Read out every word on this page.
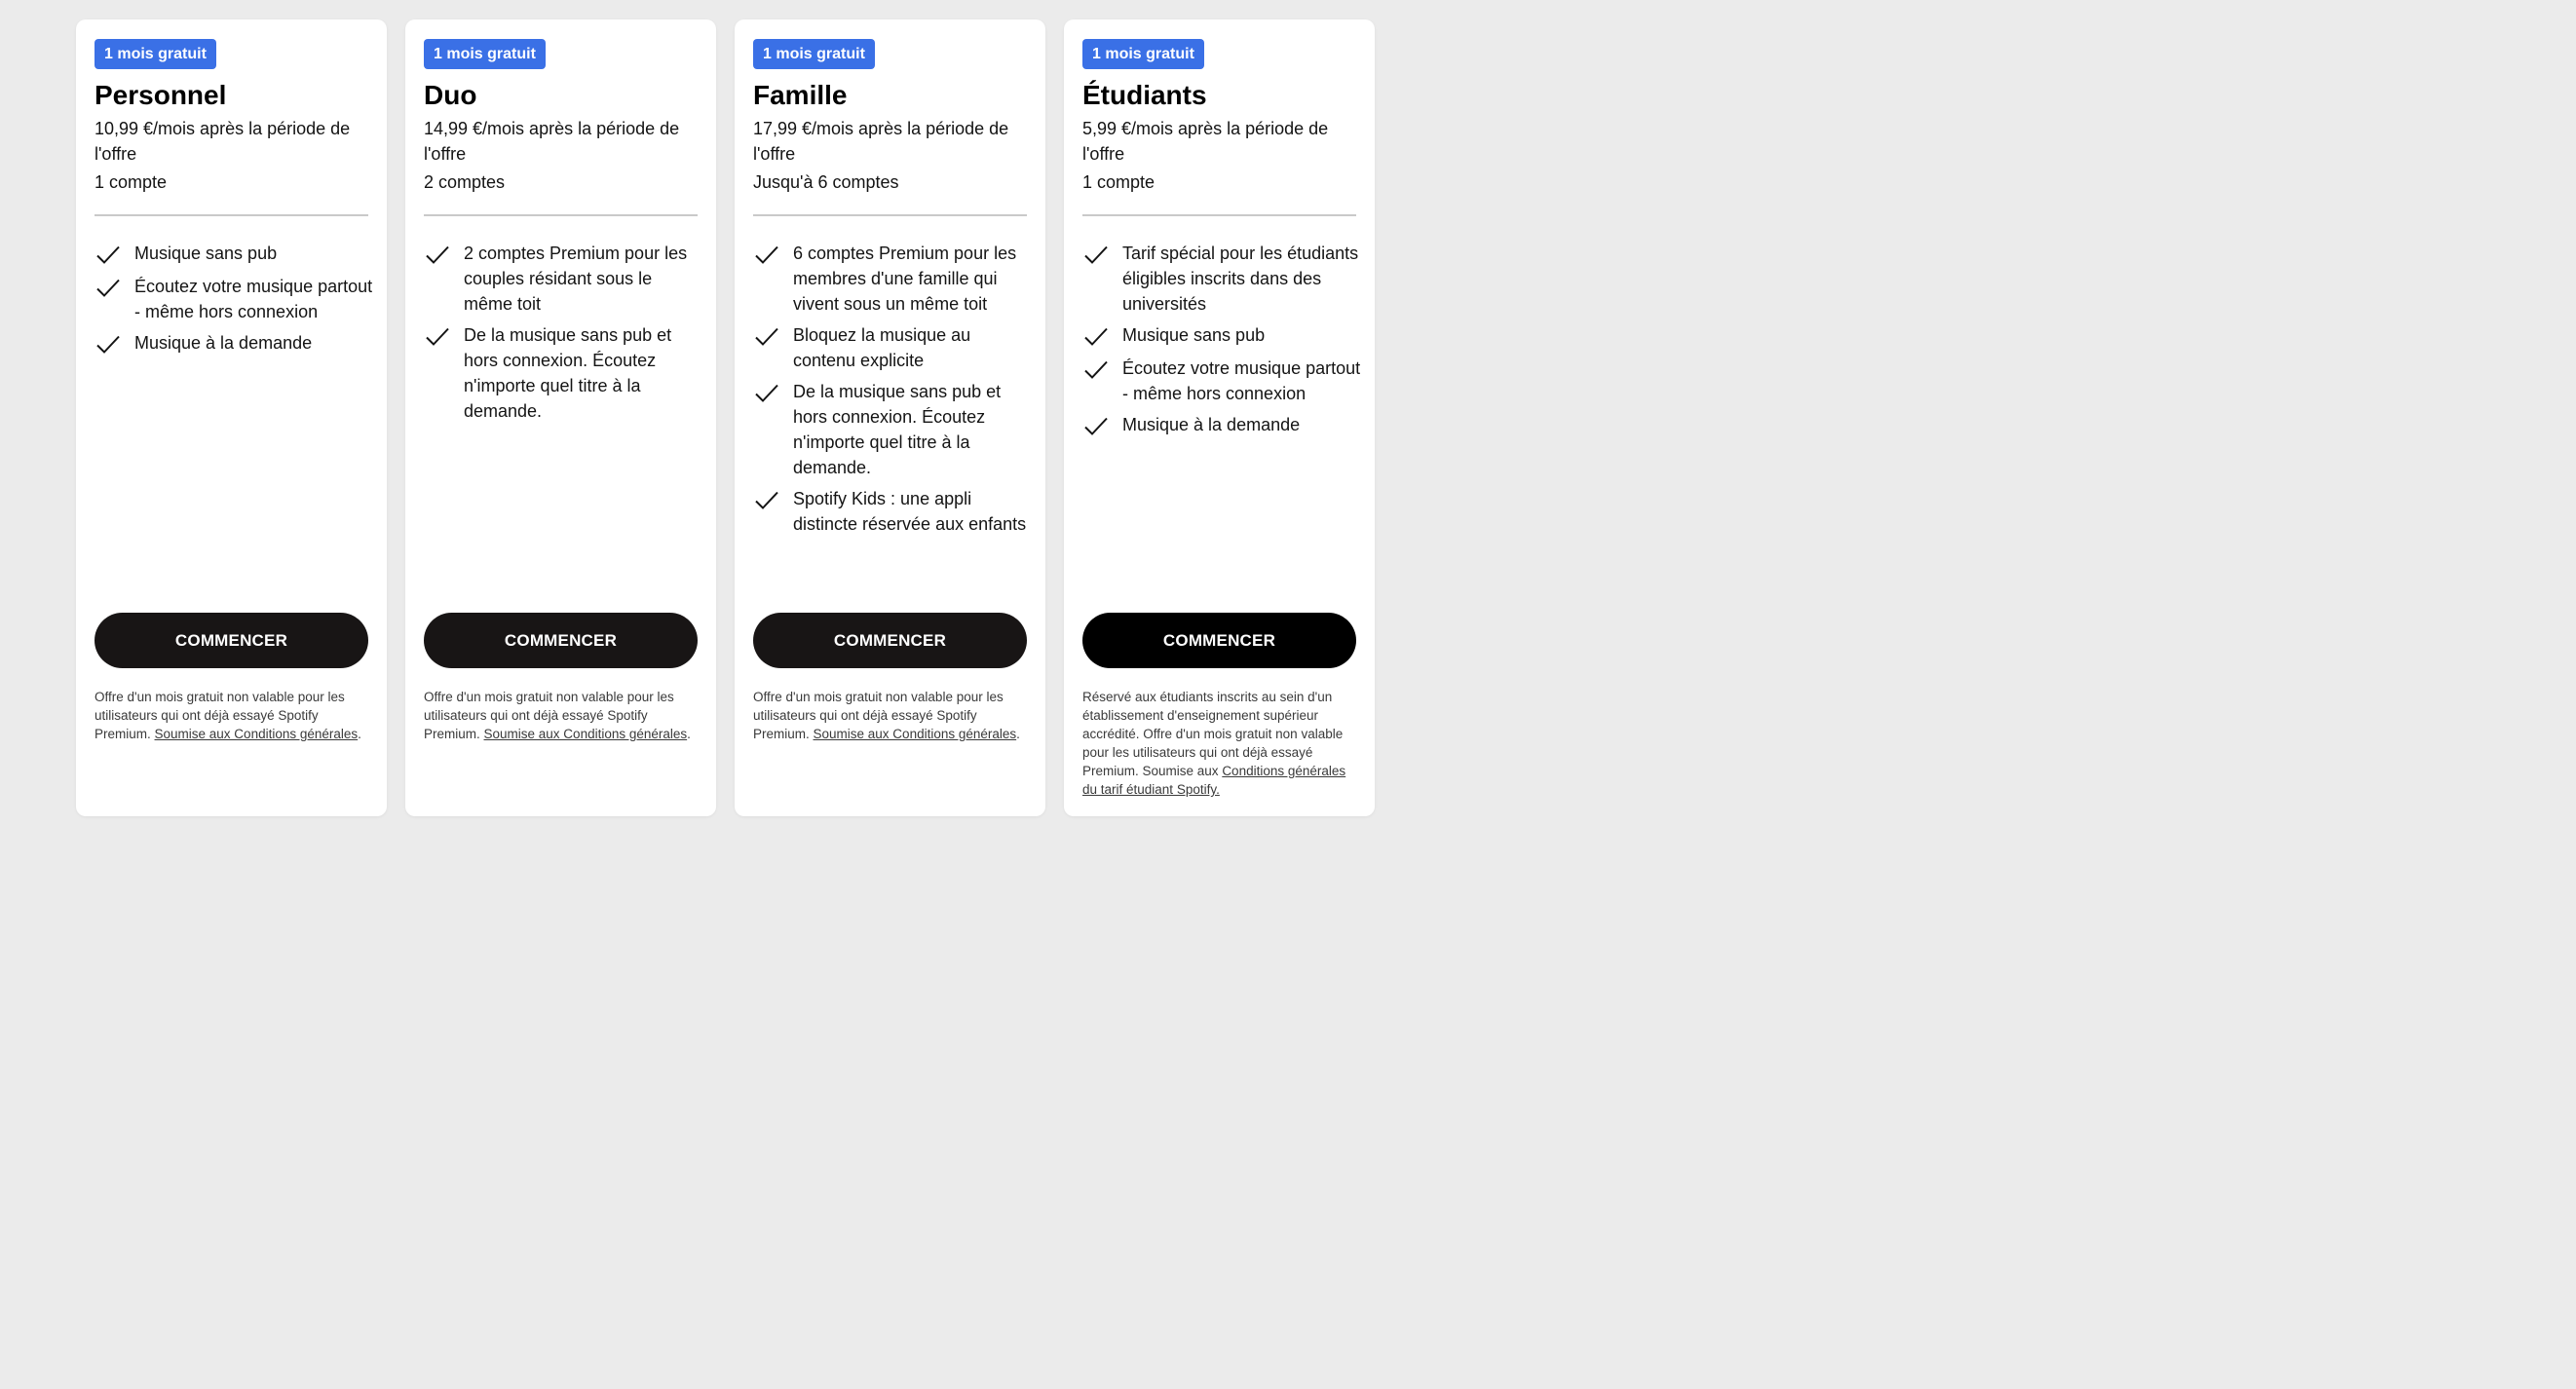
1 mois gratuit
Personnel
10,99 €/mois après la période de l'offre
1 compte
Musique sans pub
Écoutez votre musique partout - même hors connexion
Musique à la demande
COMMENCER
Offre d'un mois gratuit non valable pour les utilisateurs qui ont déjà essayé Spotify Premium. Soumise aux Conditions générales.
1 mois gratuit
Duo
14,99 €/mois après la période de l'offre
2 comptes
2 comptes Premium pour les couples résidant sous le même toit
De la musique sans pub et hors connexion. Écoutez n'importe quel titre à la demande.
COMMENCER
Offre d'un mois gratuit non valable pour les utilisateurs qui ont déjà essayé Spotify Premium. Soumise aux Conditions générales.
1 mois gratuit
Famille
17,99 €/mois après la période de l'offre
Jusqu'à 6 comptes
6 comptes Premium pour les membres d'une famille qui vivent sous un même toit
Bloquez la musique au contenu explicite
De la musique sans pub et hors connexion. Écoutez n'importe quel titre à la demande.
Spotify Kids : une appli distincte réservée aux enfants
COMMENCER
Offre d'un mois gratuit non valable pour les utilisateurs qui ont déjà essayé Spotify Premium. Soumise aux Conditions générales.
1 mois gratuit
Étudiants
5,99 €/mois après la période de l'offre
1 compte
Tarif spécial pour les étudiants éligibles inscrits dans des universités
Musique sans pub
Écoutez votre musique partout - même hors connexion
Musique à la demande
COMMENCER
Réservé aux étudiants inscrits au sein d'un établissement d'enseignement supérieur accrédité. Offre d'un mois gratuit non valable pour les utilisateurs qui ont déjà essayé Premium. Soumise aux Conditions générales du tarif étudiant Spotify.
